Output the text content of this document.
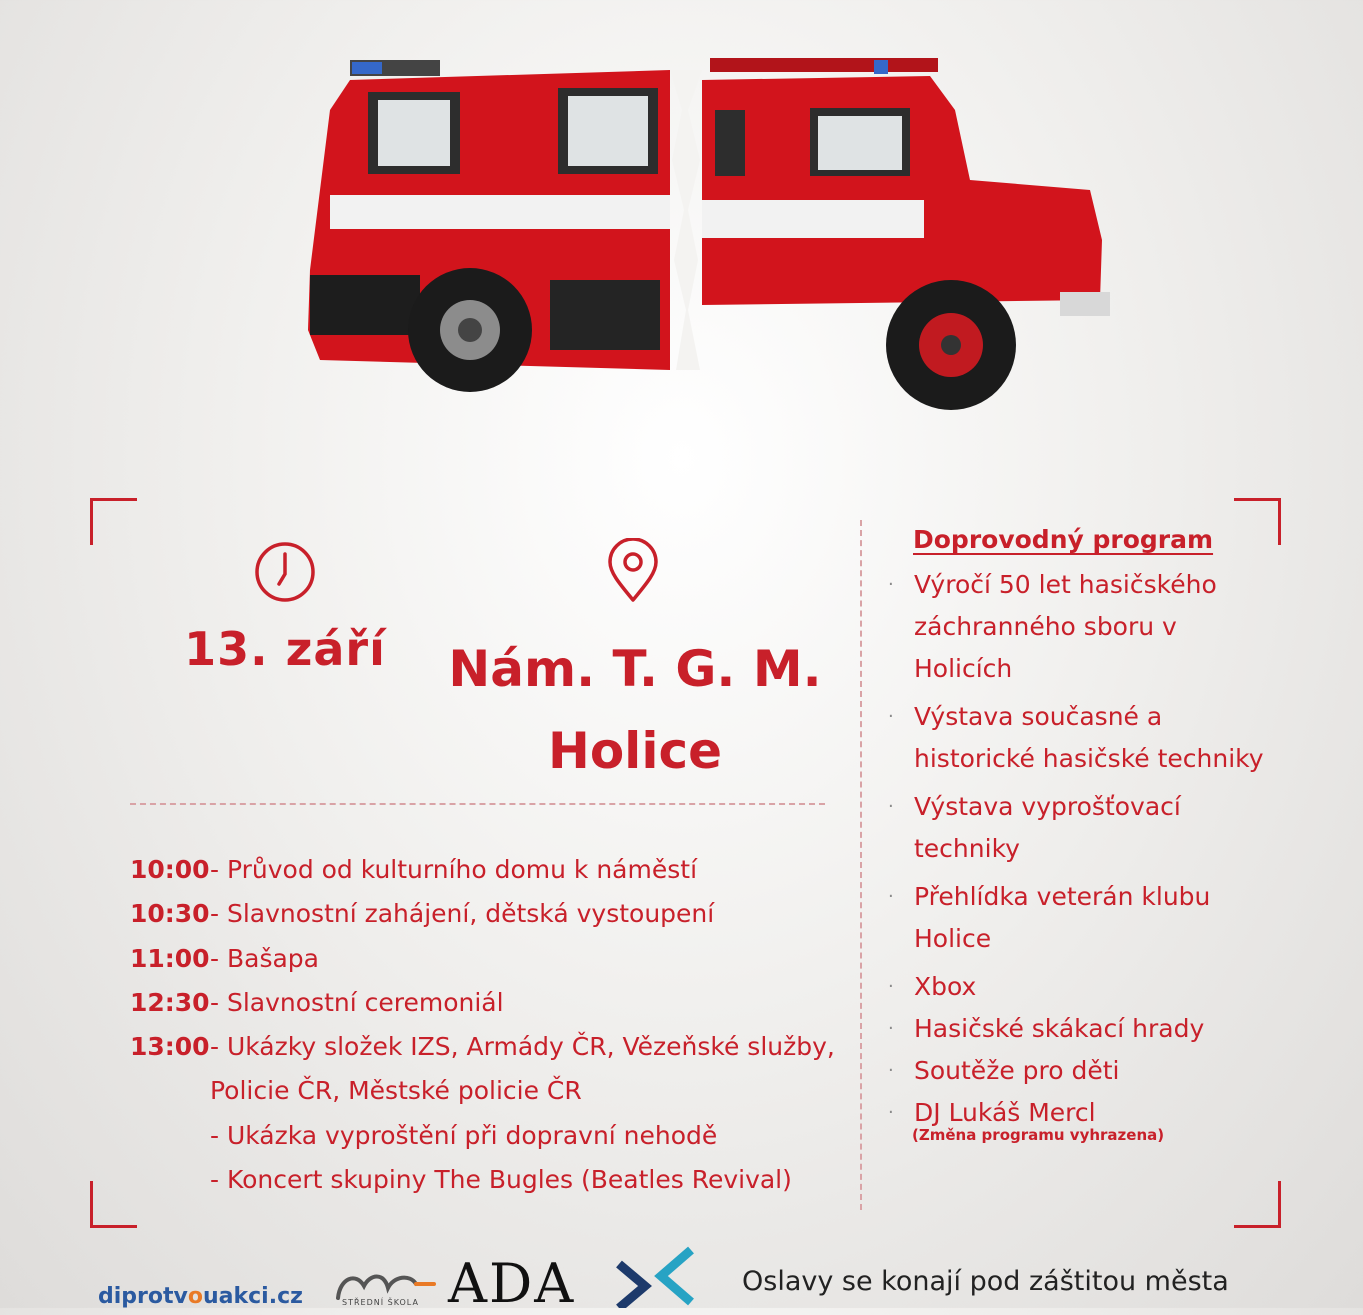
13. září	Nám. T. G. M.
Holice
10:00- Průvod od kulturního domu k náměstí
10:30- Slavnostní zahájení, dětská vystoupení
11:00- Bašapa
12:30- Slavnostní ceremoniál
13:00- Ukázky složek IZS, Armády ČR, Vězeňské služby,
Policie ČR, Městské policie ČR
- Ukázka vyproštění při dopravní nehodě
- Koncert skupiny The Bugles (Beatles Revival)
Doprovodný program
· Výročí 50 let hasičského záchranného sboru v Holicích
· Výstava současné a historické hasičské techniky
· Výstava vyprošťovací techniky
· Přehlídka veterán klubu Holice
· Xbox
· Hasičské skákací hrady
· Soutěže pro děti
· DJ Lukáš Mercl
(Změna programu vyhrazena)
diprotvouakci.cz	STŘEDNÍ ŠKOLA ADA	Oslavy se konají pod záštitou města
